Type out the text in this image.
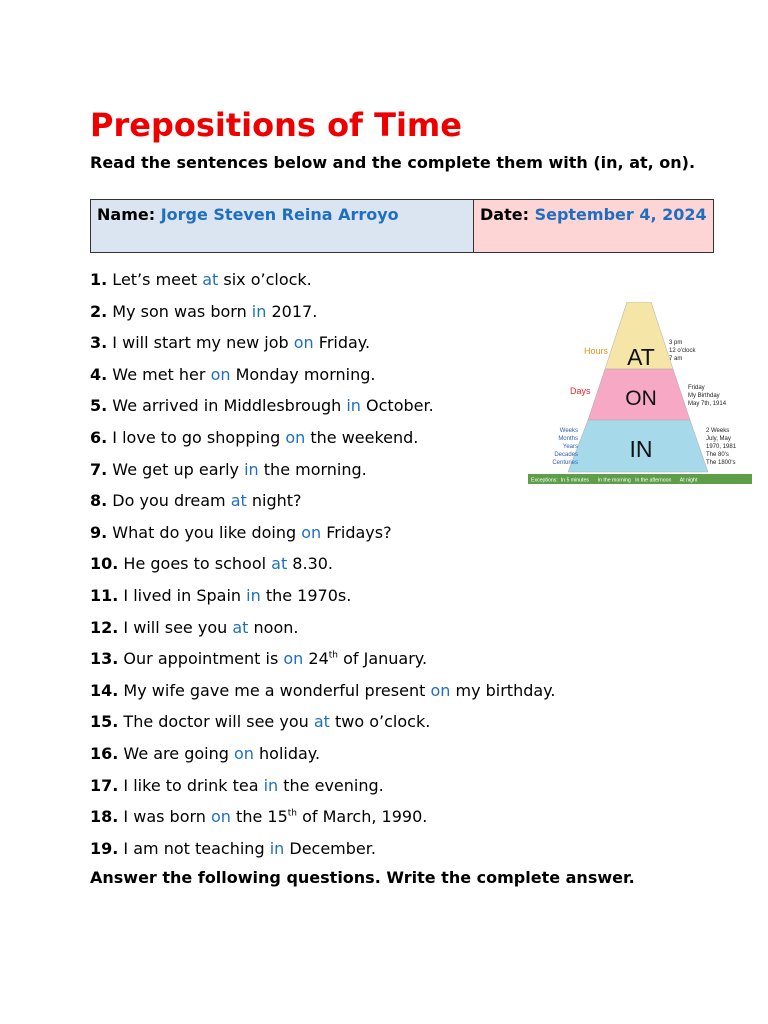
Prepositions of Time
Read the sentences below and the complete them with (in, at, on).
Name: Jorge Steven Reina Arroyo	Date: September 4, 2024
1. Let’s meet at six o’clock.
2. My son was born in 2017.
3. I will start my new job on Friday.
4. We met her on Monday morning.
5. We arrived in Middlesbrough in October.
6. I love to go shopping on the weekend.
7. We get up early in the morning.
8. Do you dream at night?
9. What do you like doing on Fridays?
10. He goes to school at 8.30.
11. I lived in Spain in the 1970s.
12. I will see you at noon.
13. Our appointment is on 24th of January.
14. My wife gave me a wonderful present on my birthday.
15. The doctor will see you at two o’clock.
16. We are going on holiday.
17. I like to drink tea in the evening.
18. I was born on the 15th of March, 1990.
19. I am not teaching in December.
Answer the following questions. Write the complete answer.
AT
ON
IN
Hours
Days
Weeks
Months
Years
Decades
Centuries
3 pm
12 o'clock
7 am
Friday
My Birthday
May 7th, 1914
2 Weeks
July, May
1970, 1981
The 80's
The 1800's
Exceptions:  In 5 minutes      In the morning   In the afternoon      At night
